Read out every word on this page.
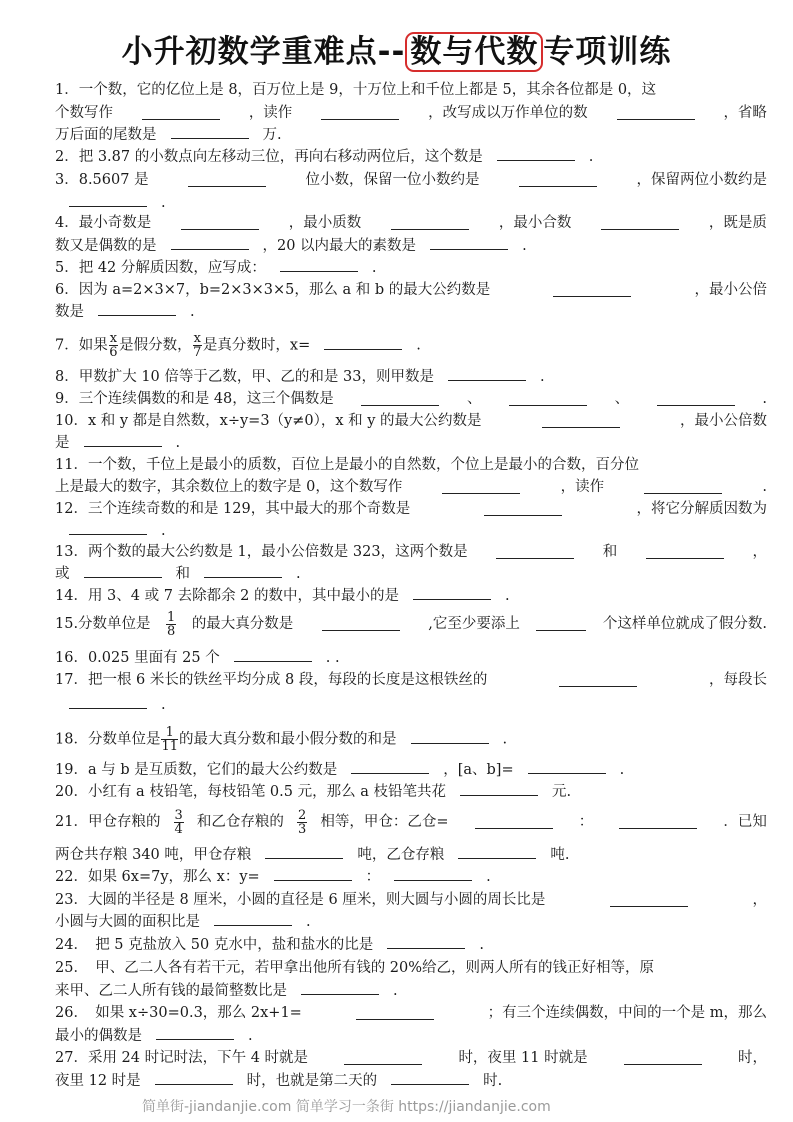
小升初数学重难点-- 数与代数 专项训练
1．一个数，它的亿位上是 8，百万位上是 9，十万位上和千位上都是 5，其余各位都是 0，这
个数写作	，读作	，改写成以万作单位的数	，省略
万后面的尾数是	万.
2．把 3.87 的小数点向左移动三位，再向右移动两位后，这个数是	.
3．8.5607 是	位小数，保留一位小数约是	，保留两位小数约是
.
4．最小奇数是	，最小质数	，最小合数	，既是质
数又是偶数的是	，20 以内最大的素数是	.
5．把 42 分解质因数，应写成：	.
6．因为 a=2×3×7，b=2×3×3×5，那么 a 和 b 的最大公约数是	，最小公倍
数是	.
7．如果 $\frac{x}{6}$ 是假分数， $\frac{x}{7}$ 是真分数时，x=	.
8．甲数扩大 10 倍等于乙数，甲、乙的和是 33，则甲数是	.
9．三个连续偶数的和是 48，这三个偶数是	、	、	.
10．x 和 y 都是自然数，x÷y=3（y≠0），x 和 y 的最大公约数是	，最小公倍数
是	.
11．一个数，千位上是最小的质数，百位上是最小的自然数，个位上是最小的合数，百分位
上是最大的数字，其余数位上的数字是 0，这个数写作	，读作	.
12．三个连续奇数的和是 129，其中最大的那个奇数是	，将它分解质因数为
.
13．两个数的最大公约数是 1，最小公倍数是 323，这两个数是	和	，
或	和	.
14．用 3、4 或 7 去除都余 2 的数中，其中最小的是	.
15.分数单位是 $\frac{1}{8}$ 的最大真分数是	,它至少要添上	个这样单位就成了假分数.
16．0.025 里面有 25 个	. .
17．把一根 6 米长的铁丝平均分成 8 段，每段的长度是这根铁丝的	，每段长
.
18．分数单位是 $\frac{1}{11}$ 的最大真分数和最小假分数的和是	.
19．a 与 b 是互质数，它们的最大公约数是	，[a、b]=	.
20．小红有 a 枝铅笔，每枝铅笔 0.5 元，那么 a 枝铅笔共花	元.
21．甲仓存粮的 $\frac{3}{4}$ 和乙仓存粮的 $\frac{2}{3}$ 相等，甲仓：乙仓=	：	．已知
两仓共存粮 340 吨，甲仓存粮	吨，乙仓存粮	吨.
22．如果 6x=7y，那么 x：y=	：	.
23．大圆的半径是 8 厘米，小圆的直径是 6 厘米，则大圆与小圆的周长比是	，
小圆与大圆的面积比是	.
24．　把 5 克盐放入 50 克水中，盐和盐水的比是	.
25．　甲、乙二人各有若干元，若甲拿出他所有钱的 20%给乙，则两人所有的钱正好相等，原
来甲、乙二人所有钱的最简整数比是	.
26．　如果 x÷30=0.3，那么 2x+1=	；有三个连续偶数，中间的一个是 m，那么
最小的偶数是	.
27．采用 24 时记时法，下午 4 时就是	时，夜里 11 时就是	时，
夜里 12 时是	时，也就是第二天的	时.
简单街-jiandanjie.com 简单学习一条街 https://jiandanjie.com
